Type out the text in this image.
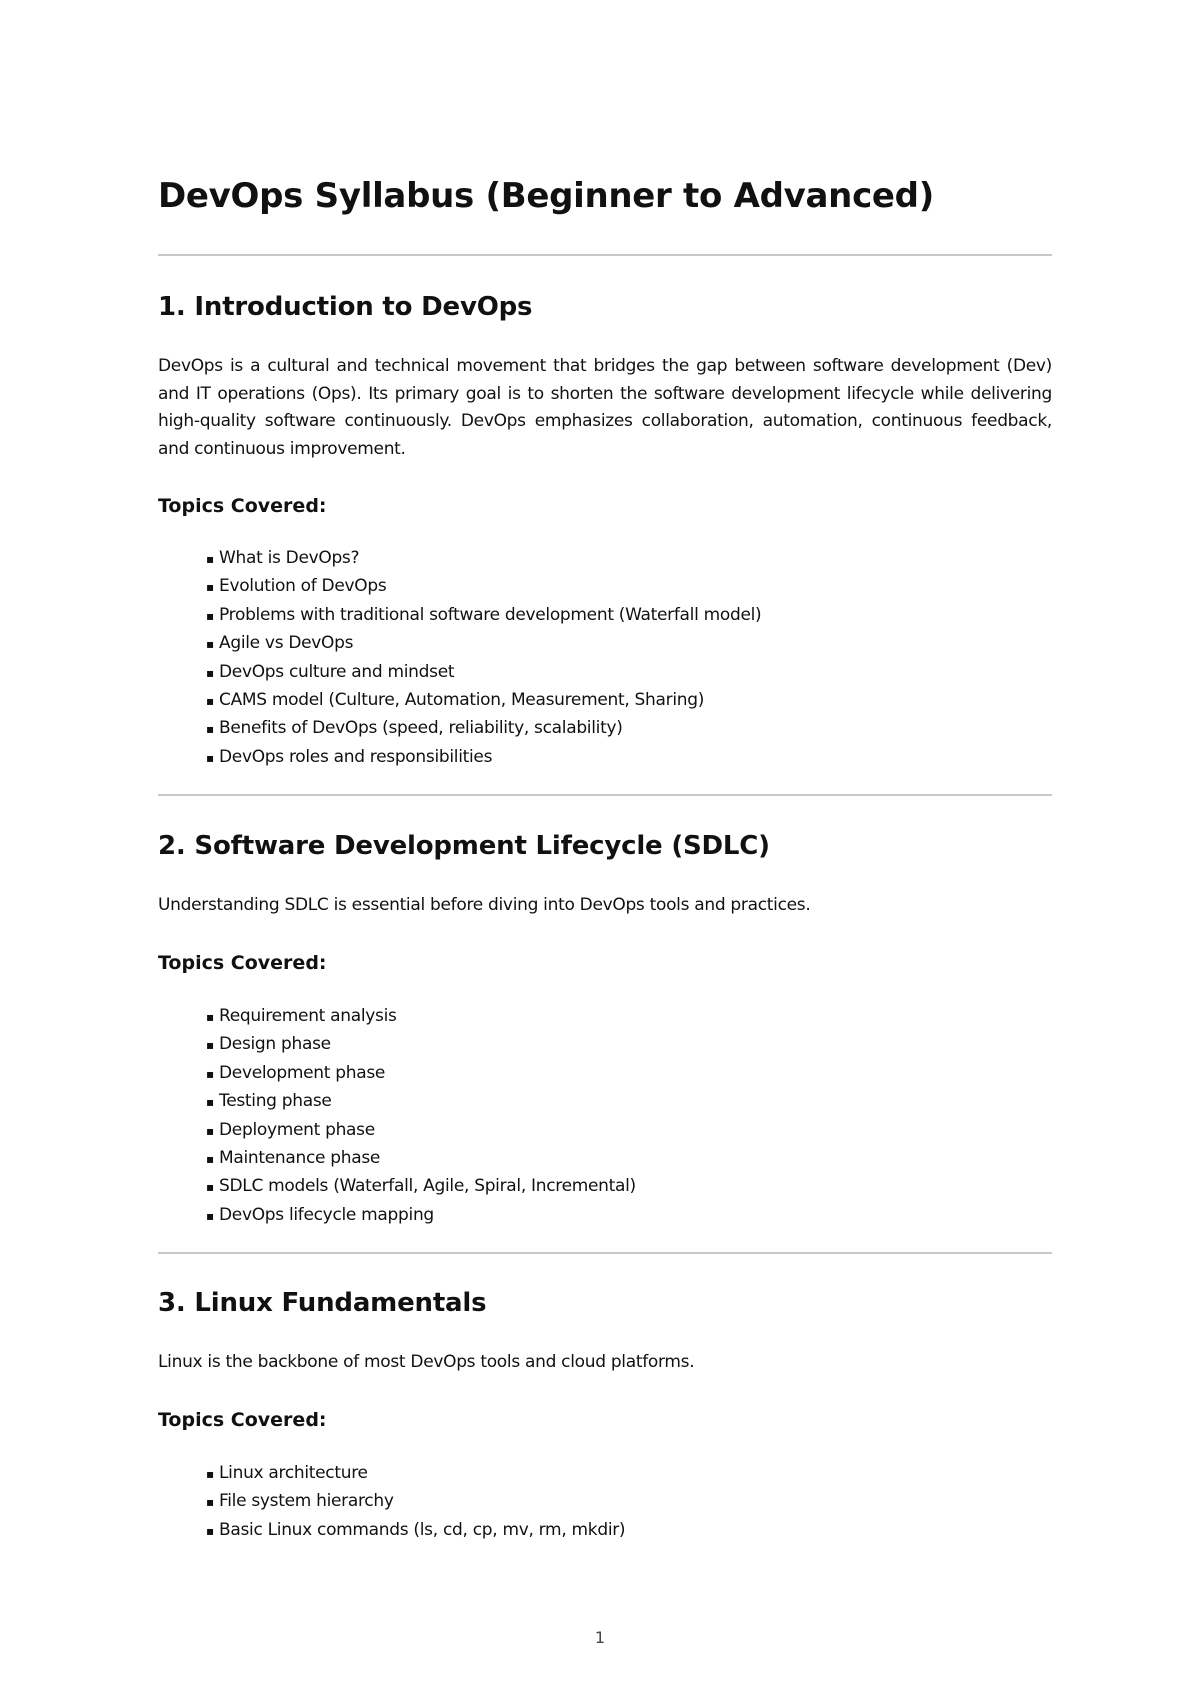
DevOps Syllabus (Beginner to Advanced)
1. Introduction to DevOps

DevOps is a cultural and technical movement that bridges the gap between software development (Dev) and IT operations (Ops). Its primary goal is to shorten the software development lifecycle while delivering high-quality software continuously. DevOps emphasizes collaboration, automation, continuous feedback, and continuous improvement.

Topics Covered:
▪ What is DevOps?
▪ Evolution of DevOps
▪ Problems with traditional software development (Waterfall model)
▪ Agile vs DevOps
▪ DevOps culture and mindset
▪ CAMS model (Culture, Automation, Measurement, Sharing)
▪ Benefits of DevOps (speed, reliability, scalability)
▪ DevOps roles and responsibilities
2. Software Development Lifecycle (SDLC)

Understanding SDLC is essential before diving into DevOps tools and practices.

Topics Covered:
▪ Requirement analysis
▪ Design phase
▪ Development phase
▪ Testing phase
▪ Deployment phase
▪ Maintenance phase
▪ SDLC models (Waterfall, Agile, Spiral, Incremental)
▪ DevOps lifecycle mapping
3. Linux Fundamentals

Linux is the backbone of most DevOps tools and cloud platforms.

Topics Covered:
▪ Linux architecture
▪ File system hierarchy
▪ Basic Linux commands (ls, cd, cp, mv, rm, mkdir)
1
